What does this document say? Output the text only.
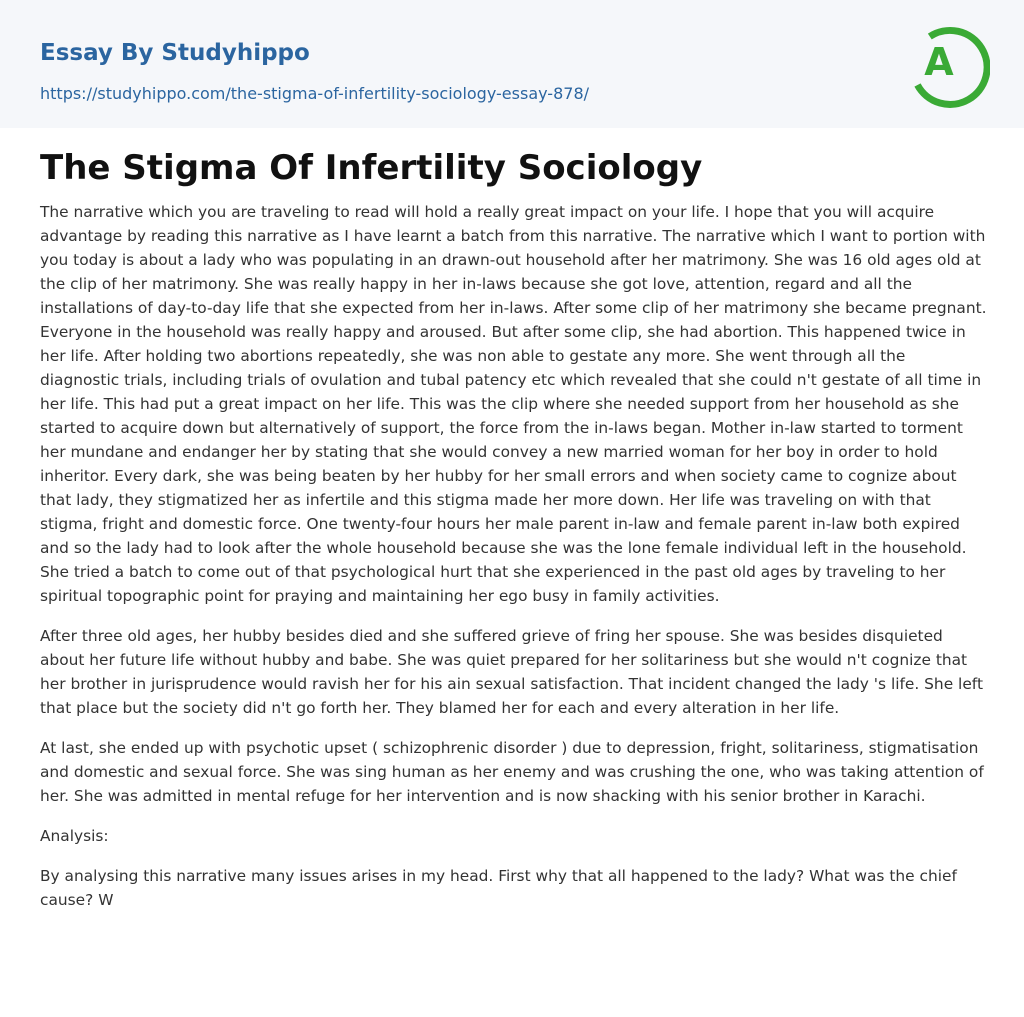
Essay By Studyhippo
https://studyhippo.com/the-stigma-of-infertility-sociology-essay-878/
A
The Stigma Of Infertility Sociology

The narrative which you are traveling to read will hold a really great impact on your life. I hope that you will acquire advantage by reading this narrative as I have learnt a batch from this narrative. The narrative which I want to portion with you today is about a lady who was populating in an drawn-out household after her matrimony. She was 16 old ages old at the clip of her matrimony. She was really happy in her in-laws because she got love, attention, regard and all the installations of day-to-day life that she expected from her in-laws. After some clip of her matrimony she became pregnant. Everyone in the household was really happy and aroused. But after some clip, she had abortion. This happened twice in her life. After holding two abortions repeatedly, she was non able to gestate any more. She went through all the diagnostic trials, including trials of ovulation and tubal patency etc which revealed that she could n't gestate of all time in her life. This had put a great impact on her life. This was the clip where she needed support from her household as she started to acquire down but alternatively of support, the force from the in-laws began. Mother in-law started to torment her mundane and endanger her by stating that she would convey a new married woman for her boy in order to hold inheritor. Every dark, she was being beaten by her hubby for her small errors and when society came to cognize about that lady, they stigmatized her as infertile and this stigma made her more down. Her life was traveling on with that stigma, fright and domestic force. One twenty-four hours her male parent in-law and female parent in-law both expired and so the lady had to look after the whole household because she was the lone female individual left in the household. She tried a batch to come out of that psychological hurt that she experienced in the past old ages by traveling to her spiritual topographic point for praying and maintaining her ego busy in family activities.

After three old ages, her hubby besides died and she suffered grieve of fring her spouse. She was besides disquieted about her future life without hubby and babe. She was quiet prepared for her solitariness but she would n't cognize that her brother in jurisprudence would ravish her for his ain sexual satisfaction. That incident changed the lady 's life. She left that place but the society did n't go forth her. They blamed her for each and every alteration in her life.

At last, she ended up with psychotic upset ( schizophrenic disorder ) due to depression, fright, solitariness, stigmatisation and domestic and sexual force. She was sing human as her enemy and was crushing the one, who was taking attention of her. She was admitted in mental refuge for her intervention and is now shacking with his senior brother in Karachi.

Analysis:

By analysing this narrative many issues arises in my head. First why that all happened to the lady? What was the chief cause? W
